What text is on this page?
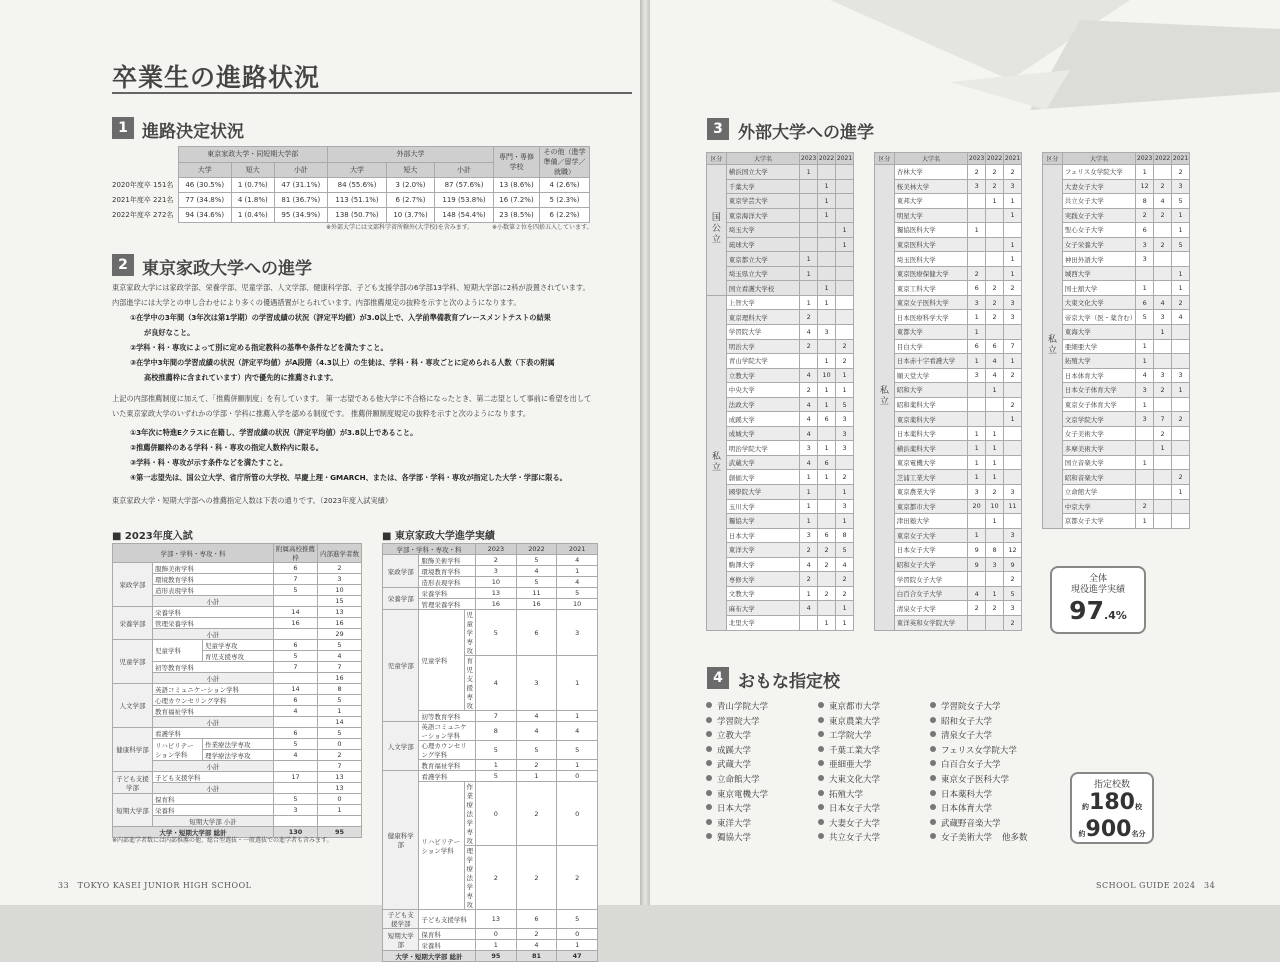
卒業生の進路状況
1 進路決定状況
	東京家政大学・同短期大学部			外部大学			専門・専修学校	その他（進学準備／留学／就職）
	大学	短大	小計	大学	短大	小計		
2020年度卒 151名	46 (30.5%)	1 (0.7%)	47 (31.1%)	84 (55.6%)	3 (2.0%)	87 (57.6%)	13 (8.6%)	4 (2.6%)
2021年度卒 221名	77 (34.8%)	4 (1.8%)	81 (36.7%)	113 (51.1%)	6 (2.7%)	119 (53.8%)	16 (7.2%)	5 (2.3%)
2022年度卒 272名	94 (34.6%)	1 (0.4%)	95 (34.9%)	138 (50.7%)	10 (3.7%)	148 (54.4%)	23 (8.5%)	6 (2.2%)
※外部大学には文部科学省所轄外(大学校)を含みます。	※小数第２位を四捨五入しています。
2 東京家政大学への進学
東京家政大学には家政学部、栄養学部、児童学部、人文学部、健康科学部、子ども支援学部の6学部13学科、短期大学部に2科が設置されています。 内部進学には大学との申し合わせにより多くの優遇措置がとられています。内部推薦規定の抜粋を示すと次のようになります。
①在学中の3年間（3年次は第1学期）の学習成績の状況（評定平均値）が3.0以上で、入学前準備教育プレースメントテストの結果
が良好なこと。
②学科・科・専攻によって別に定める指定教科の基準や条件などを満たすこと。
③在学中3年間の学習成績の状況（評定平均値）がA段階（4.3以上）の生徒は、学科・科・専攻ごとに定められる人数（下表の附属
高校推薦枠に含まれています）内で優先的に推薦されます。
上記の内部推薦制度に加えて、「推薦併願制度」を有しています。 第一志望である他大学に不合格になったとき、第二志望として事前に希望を出していた東京家政大学のいずれかの学部・学科に推薦入学を認める制度です。 推薦併願制度規定の抜粋を示すと次のようになります。
①3年次に特進Eクラスに在籍し、学習成績の状況（評定平均値）が3.8以上であること。
②推薦併願枠のある学科・科・専攻の指定人数枠内に限る。
③学科・科・専攻が示す条件などを満たすこと。
④第一志望先は、国公立大学、省庁所管の大学校、早慶上理・GMARCH、または、各学部・学科・専攻が指定した大学・学部に限る。
東京家政大学・短期大学部への推薦指定人数は下表の通りです。（2023年度入試実績）
■ 2023年度入試
学部・学科・専攻・科			附属高校推薦枠	内部進学者数
家政学部	服飾美術学科		6	2
	環境教育学科		7	3
	造形表現学科		5	10
	小計			15
栄養学部	栄養学科		14	13
	管理栄養学科		16	16
	小計			29
児童学部	児童学科	児童学専攻	6	5
		育児支援専攻	5	4
	初等教育学科		7	7
	小計			16
人文学部	英語コミュニケーション学科		14	8
	心理カウンセリング学科		6	5
	教育福祉学科		4	1
	小計			14
健康科学部	看護学科		6	5
	リハビリテーション学科	作業療法学専攻	5	0
		理学療法学専攻	4	2
	小計			7
子ども支援学部	子ども支援学科		17	13
	小計			13
短期大学部	保育科		5	0
	栄養科		3	1
	短期大学部 小計			
大学・短期大学部 総計			130	95
※内部進学者数には内部推薦の他、総合型選抜・一般選抜での進学者も含みます。
■ 東京家政大学進学実績
学部・学科・専攻・科			2023	2022	2021
家政学部	服飾美術学科		2	5	4
	環境教育学科		3	4	1
	造形表現学科		10	5	4
栄養学部	栄養学科		13	11	5
	管理栄養学科		16	16	10
児童学部	児童学科	児童学専攻	5	6	3
		育児支援専攻	4	3	1
	初等教育学科		7	4	1
人文学部	英語コミュニケーション学科		8	4	4
	心理カウンセリング学科		5	5	5
	教育福祉学科		1	2	1
健康科学部	看護学科		5	1	0
	リハビリテーション学科	作業療法学専攻	0	2	0
		理学療法学専攻	2	2	2
子ども支援学部	子ども支援学科		13	6	5
短期大学部	保育科		0	2	0
	栄養科		1	4	1
大学・短期大学部 総計			95	81	47
33　TOKYO KASEI JUNIOR HIGH SCHOOL
3 外部大学への進学
区分	大学名	2023	2022	2021
国公立	横浜国立大学	1		
	千葉大学		1	
	東京学芸大学		1	
	東京海洋大学		1	
	埼玉大学			1
	琉球大学			1
	東京都立大学	1		
	埼玉県立大学	1		
	国立看護大学校		1	
私立	上智大学	1	1	
	東京理科大学	2		
	学習院大学	4	3	
	明治大学	2		2
	青山学院大学		1	2
	立教大学	4	10	1
	中央大学	2	1	1
	法政大学	4	1	5
	成蹊大学	4	6	3
	成城大学	4		3
	明治学院大学	3	1	3
	武蔵大学	4	6	
	創価大学	1	1	2
	國學院大学	1		1
	玉川大学	1		3
	獨協大学	1		1
	日本大学	3	6	8
	東洋大学	2	2	5
	駒澤大学	4	2	4
	専修大学	2		2
	文教大学	1	2	2
	麻布大学	4		1
	北里大学		1	1
区分	大学名	2023	2022	2021
私立	杏林大学	2	2	2
	桜美林大学	3	2	3
	東邦大学		1	1
	明星大学			1
	獨協医科大学	1		
	東京医科大学			1
	埼玉医科大学			1
	東京医療保健大学	2		1
	東京工科大学	6	2	2
	東京女子医科大学	3	2	3
	日本医療科学大学	1	2	3
	東都大学	1		
	目白大学	6	6	7
	日本赤十字看護大学	1	4	1
	順天堂大学	3	4	2
	昭和大学		1	
	昭和薬科大学			2
	東京薬科大学			1
	日本薬科大学	1	1	
	横浜薬科大学	1	1	
	東京電機大学	1	1	
	芝浦工業大学	1	1	
	東京農業大学	3	2	3
	東京都市大学	20	10	11
	津田塾大学		1	
	東京女子大学	1		3
	日本女子大学	9	8	12
	昭和女子大学	9	3	9
	学習院女子大学			2
	白百合女子大学	4	1	5
	清泉女子大学	2	2	3
	東洋英和女学院大学			2
区分	大学名	2023	2022	2021
私立	フェリス女学院大学	1		2
	大妻女子大学	12	2	3
	共立女子大学	8	4	5
	実践女子大学	2	2	1
	聖心女子大学	6		1
	女子栄養大学	3	2	5
	神田外語大学	3		
	城西大学			1
	国士舘大学	1		1
	大東文化大学	6	4	2
	帝京大学（医・薬含む）	5	3	4
	東海大学		1	
	亜細亜大学	1		
	拓殖大学	1		
	日本体育大学	4	3	3
	日本女子体育大学	3	2	1
	東京女子体育大学	1		
	文京学院大学	3	7	2
	女子美術大学		2	
	多摩美術大学		1	
	国立音楽大学	1		
	昭和音楽大学			2
	立命館大学			1
	中京大学	2		
	京都女子大学	1		
全体
現役進学実績
97.4%
4 おもな指定校
青山学院大学
学習院大学
立教大学
成蹊大学
武蔵大学
立命館大学
東京電機大学
日本大学
東洋大学
獨協大学
東京都市大学
東京農業大学
工学院大学
千葉工業大学
亜細亜大学
大東文化大学
拓殖大学
日本女子大学
大妻女子大学
共立女子大学
学習院女子大学
昭和女子大学
清泉女子大学
フェリス女学院大学
白百合女子大学
東京女子医科大学
日本薬科大学
日本体育大学
武蔵野音楽大学
女子美術大学	他多数
指定校数
約180校
約900名分
SCHOOL GUIDE 2024　34
